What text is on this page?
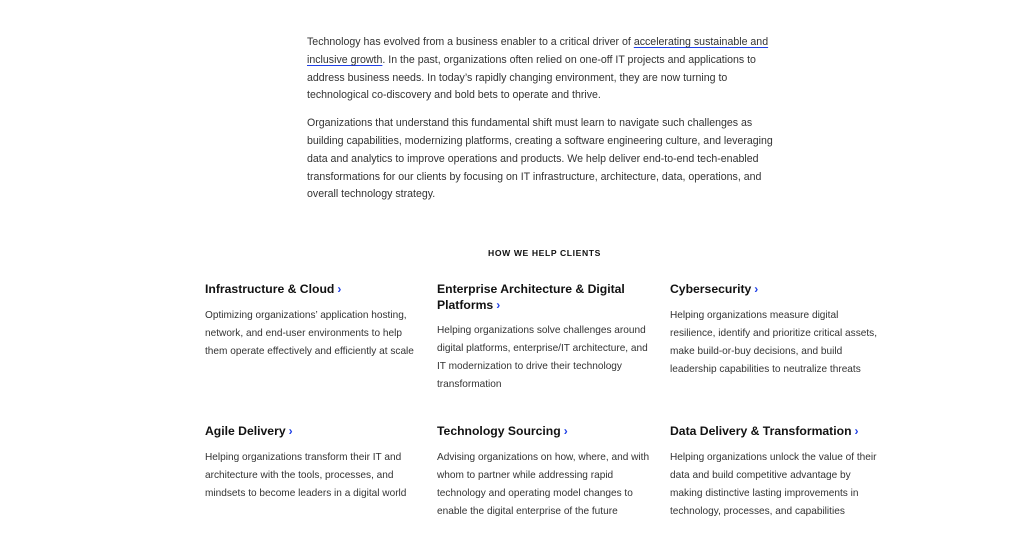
Technology has evolved from a business enabler to a critical driver of accelerating sustainable and inclusive growth. In the past, organizations often relied on one-off IT projects and applications to address business needs. In today’s rapidly changing environment, they are now turning to technological co-discovery and bold bets to operate and thrive.

Organizations that understand this fundamental shift must learn to navigate such challenges as building capabilities, modernizing platforms, creating a software engineering culture, and leveraging data and analytics to improve operations and products. We help deliver end-to-end tech-enabled transformations for our clients by focusing on IT infrastructure, architecture, data, operations, and overall technology strategy.

HOW WE HELP CLIENTS
Infrastructure & Cloud ›

Optimizing organizations’ application hosting, network, and end-user environments to help them operate effectively and efficiently at scale

Enterprise Architecture & Digital Platforms ›

Helping organizations solve challenges around digital platforms, enterprise/IT architecture, and IT modernization to drive their technology transformation

Cybersecurity ›

Helping organizations measure digital resilience, identify and prioritize critical assets, make build-or-buy decisions, and build leadership capabilities to neutralize threats

Agile Delivery ›

Helping organizations transform their IT and architecture with the tools, processes, and mindsets to become leaders in a digital world

Technology Sourcing ›

Advising organizations on how, where, and with whom to partner while addressing rapid technology and operating model changes to enable the digital enterprise of the future

Data Delivery & Transformation ›

Helping organizations unlock the value of their data and build competitive advantage by making distinctive lasting improvements in technology, processes, and capabilities
